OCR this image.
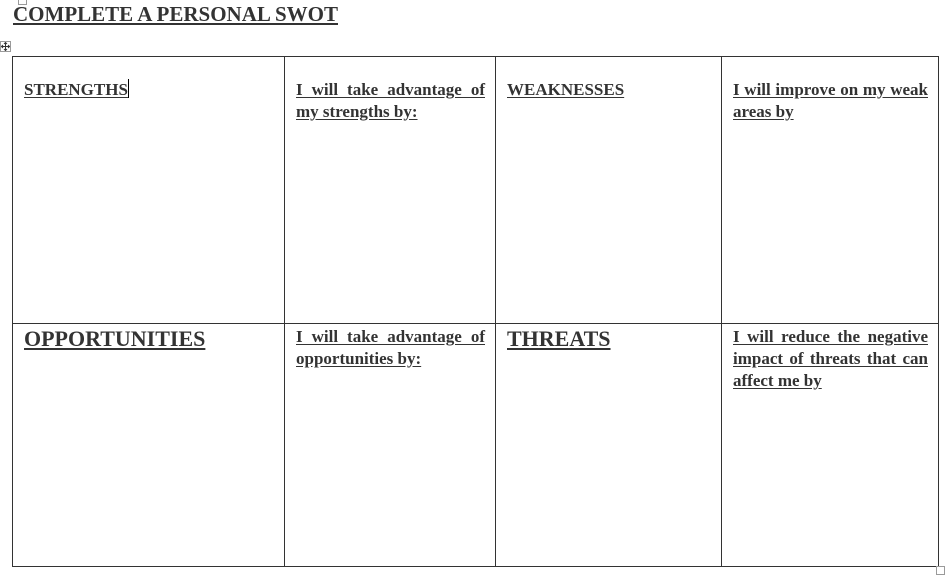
COMPLETE A PERSONAL SWOT
STRENGTHS	I will take advantage of my strengths by:	WEAKNESSES	I will improve on my weak areas by

OPPORTUNITIES	I will take advantage of opportunities by:	THREATS	I will reduce the negative impact of threats that can affect me by
